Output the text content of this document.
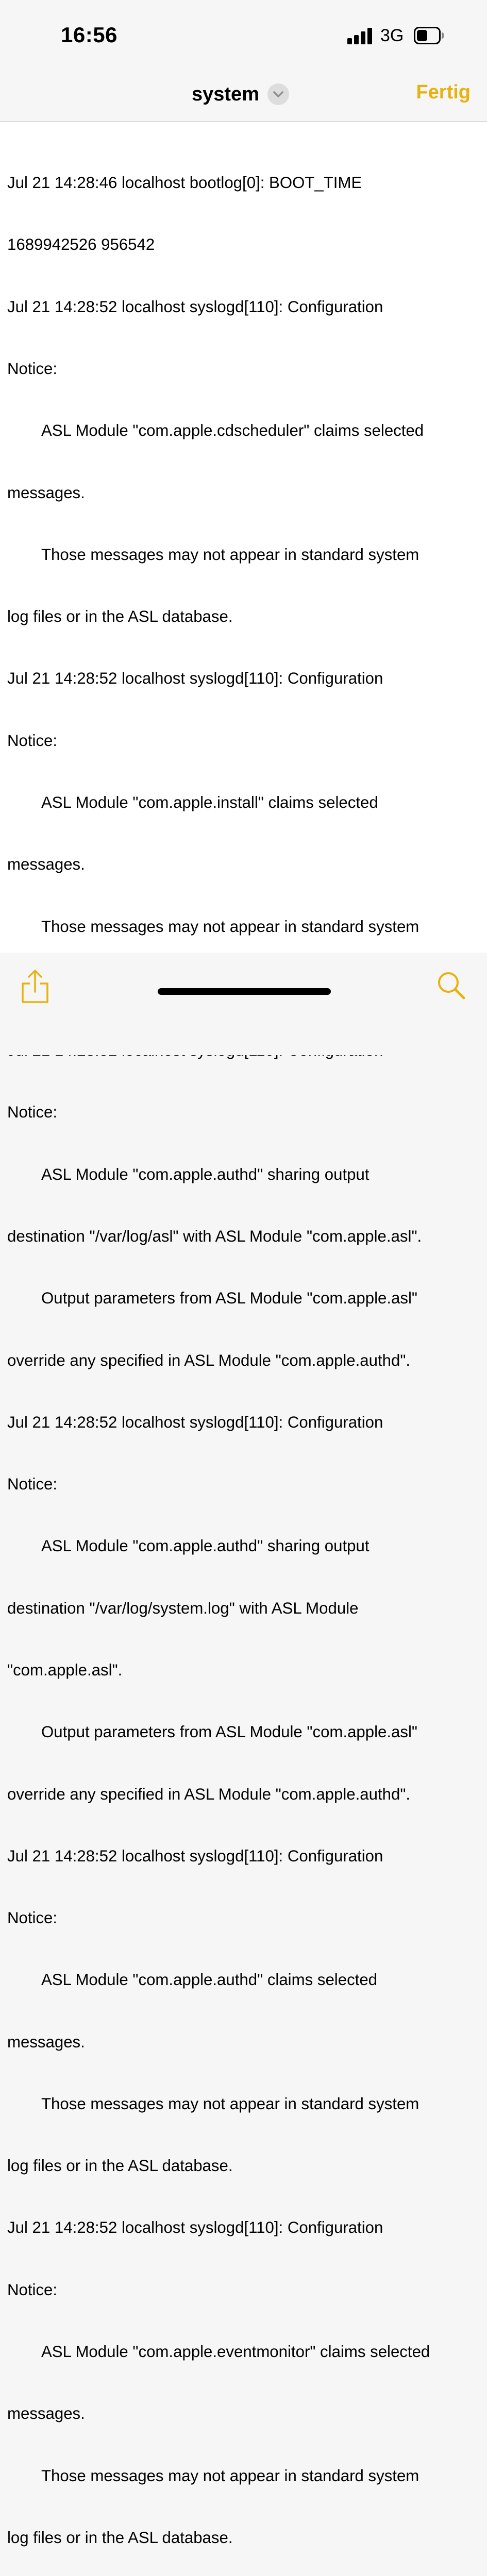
16:56	3G
system	Fertig

Jul 21 14:28:46 localhost bootlog[0]: BOOT_TIME

1689942526 956542

Jul 21 14:28:52 localhost syslogd[110]: Configuration

Notice:

ASL Module "com.apple.cdscheduler" claims selected

messages.

Those messages may not appear in standard system

log files or in the ASL database.

Jul 21 14:28:52 localhost syslogd[110]: Configuration

Notice:

ASL Module "com.apple.install" claims selected

messages.

Those messages may not appear in standard system

Notice:

ASL Module "com.apple.authd" sharing output

destination "/var/log/asl" with ASL Module "com.apple.asl".

Output parameters from ASL Module "com.apple.asl"

override any specified in ASL Module "com.apple.authd".

Jul 21 14:28:52 localhost syslogd[110]: Configuration

Notice:

ASL Module "com.apple.authd" sharing output

destination "/var/log/system.log" with ASL Module

"com.apple.asl".

Output parameters from ASL Module "com.apple.asl"

override any specified in ASL Module "com.apple.authd".

Jul 21 14:28:52 localhost syslogd[110]: Configuration

Notice:

ASL Module "com.apple.authd" claims selected

messages.

Those messages may not appear in standard system

log files or in the ASL database.

Jul 21 14:28:52 localhost syslogd[110]: Configuration

Notice:

ASL Module "com.apple.eventmonitor" claims selected

messages.

Those messages may not appear in standard system

log files or in the ASL database.
